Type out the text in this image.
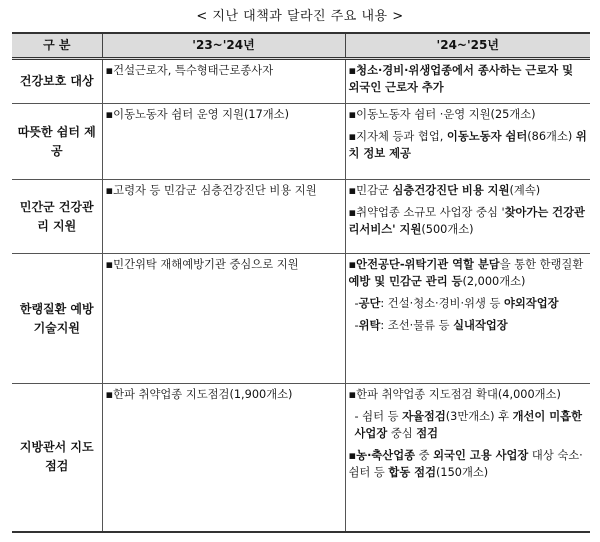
< 지난 대책과 달라진 주요 내용 >
구 분	'23~'24년	'24~'25년
건강보호 대상	▪건설근로자, 특수형태근로종사자	▪청소·경비·위생업종에서 종사하는 근로자 및 외국인 근로자 추가

따뜻한 쉼터 제공	▪이동노동자 쉼터 운영 지원(17개소)	▪이동노동자 쉼터 ·운영 지원(25개소)
▪지자체 등과 협업, 이동노동자 쉼터(86개소) 위치 정보 제공

민간군 건강관리 지원	▪고령자 등 민감군 심층건강진단 비용 지원	▪민감군 심층건강진단 비용 지원(계속)
▪취약업종 소규모 사업장 중심 '찾아가는 건강관리서비스' 지원(500개소)

한랭질환 예방 기술지원	▪민간위탁 재해예방기관 중심으로 지원	▪안전공단-위탁기관 역할 분담을 통한 한랭질환 예방 및 민감군 관리 등(2,000개소)
-공단: 건설·청소·경비·위생 등 야외작업장
-위탁: 조선·물류 등 실내작업장

지방관서 지도점검	▪한파 취약업종 지도점검(1,900개소)	▪한파 취약업종 지도점검 확대(4,000개소)
- 쉼터 등 자율점검(3만개소) 후 개선이 미흡한 사업장 중심 점검
▪농·축산업종 중 외국인 고용 사업장 대상 숙소·쉼터 등 합동 점검(150개소)
